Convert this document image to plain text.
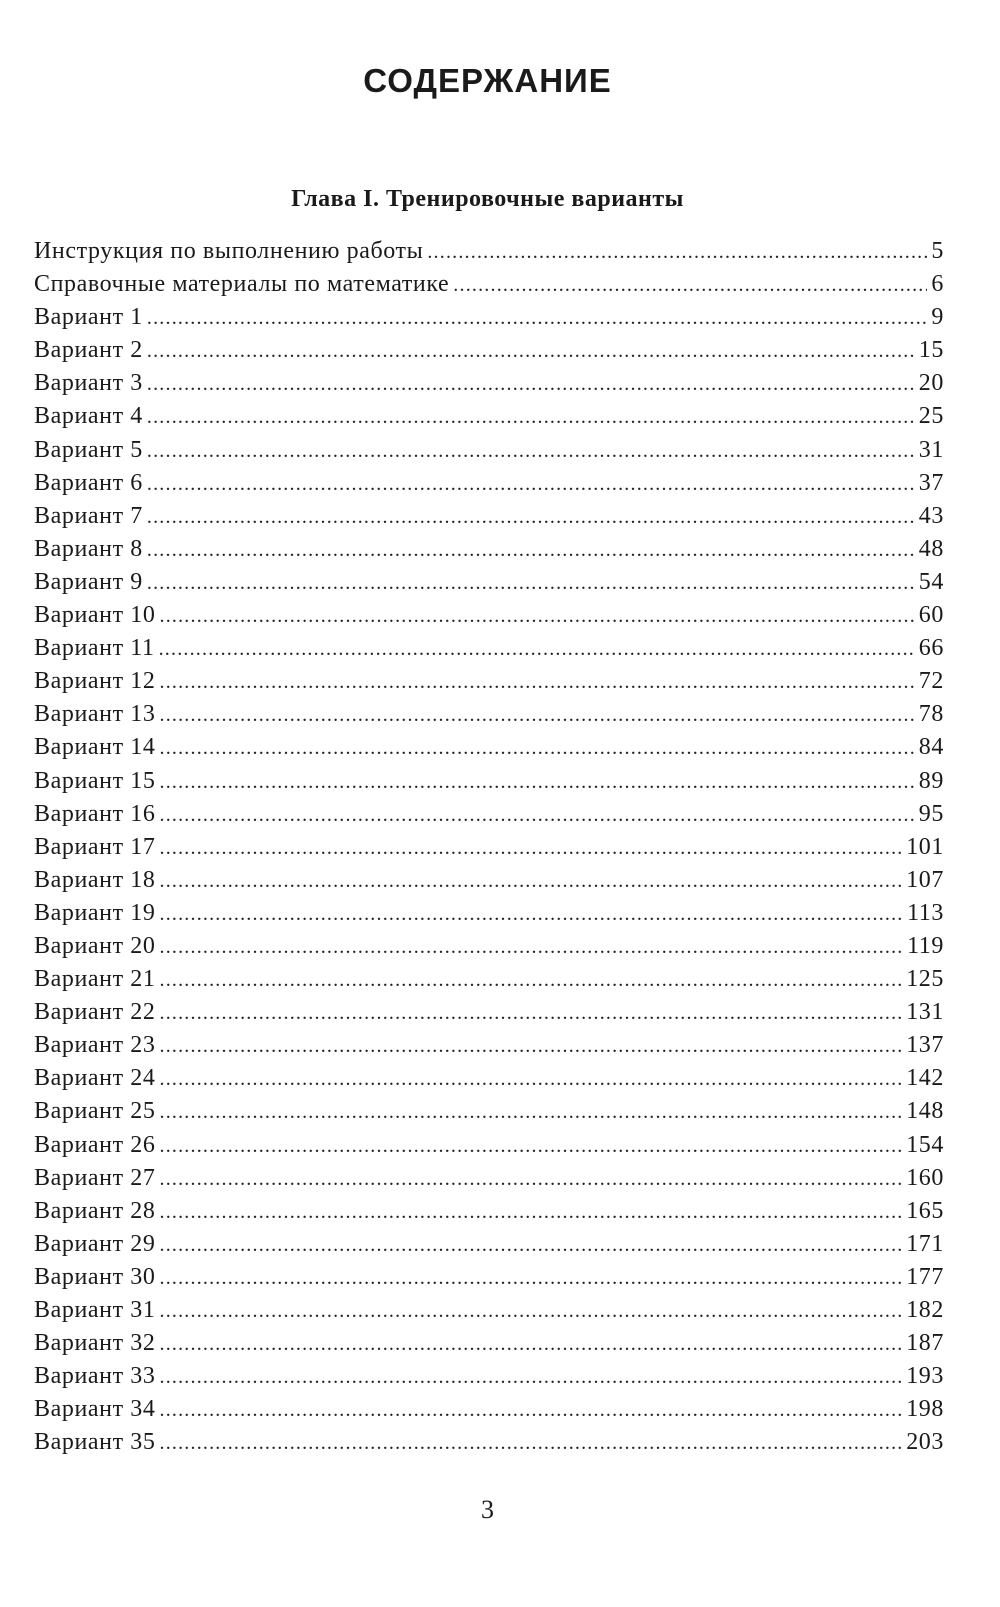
СОДЕРЖАНИЕ
Глава I. Тренировочные варианты
Инструкция по выполнению работы .....	5
Справочные материалы по математике .....	6
Вариант 1 .....	9
Вариант 2 .....	15
Вариант 3 .....	20
Вариант 4 .....	25
Вариант 5 .....	31
Вариант 6 .....	37
Вариант 7 .....	43
Вариант 8 .....	48
Вариант 9 .....	54
Вариант 10 .....	60
Вариант 11 .....	66
Вариант 12 .....	72
Вариант 13 .....	78
Вариант 14 .....	84
Вариант 15 .....	89
Вариант 16 .....	95
Вариант 17 .....	101
Вариант 18 .....	107
Вариант 19 .....	113
Вариант 20 .....	119
Вариант 21 .....	125
Вариант 22 .....	131
Вариант 23 .....	137
Вариант 24 .....	142
Вариант 25 .....	148
Вариант 26 .....	154
Вариант 27 .....	160
Вариант 28 .....	165
Вариант 29 .....	171
Вариант 30 .....	177
Вариант 31 .....	182
Вариант 32 .....	187
Вариант 33 .....	193
Вариант 34 .....	198
Вариант 35 .....	203
3
